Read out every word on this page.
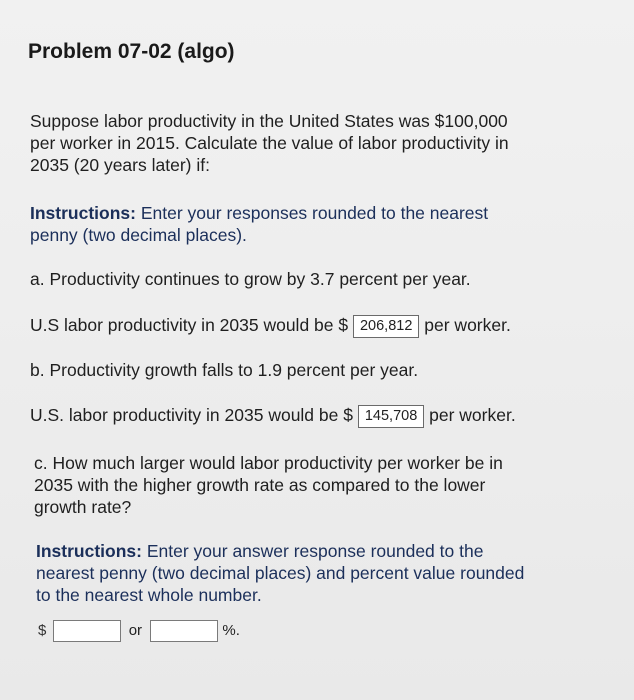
Problem 07-02 (algo)
Suppose labor productivity in the United States was $100,000
per worker in 2015. Calculate the value of labor productivity in
2035 (20 years later) if:
Instructions: Enter your responses rounded to the nearest
penny (two decimal places).
a. Productivity continues to grow by 3.7 percent per year.
U.S labor productivity in 2035 would be $ 206,812 per worker.
b. Productivity growth falls to 1.9 percent per year.
U.S. labor productivity in 2035 would be $ 145,708 per worker.
c. How much larger would labor productivity per worker be in
2035 with the higher growth rate as compared to the lower
growth rate?
Instructions: Enter your answer response rounded to the
nearest penny (two decimal places) and percent value rounded
to the nearest whole number.
$	or	%.
